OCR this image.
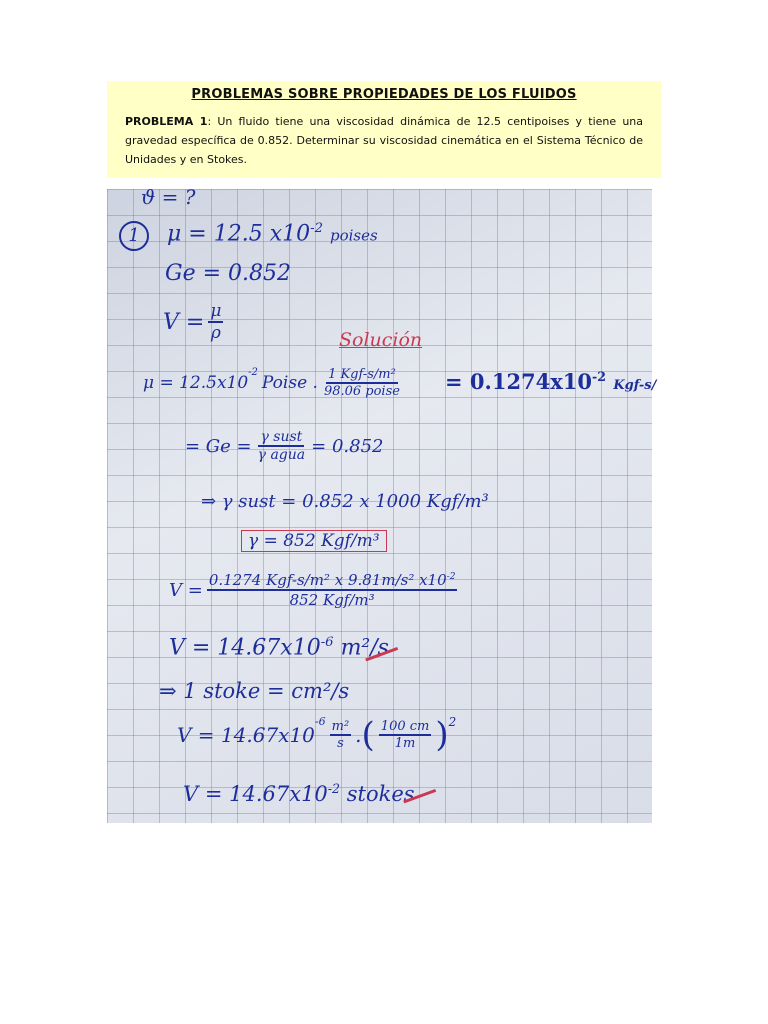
PROBLEMAS SOBRE PROPIEDADES DE LOS FLUIDOS

PROBLEMA 1: Un fluido tiene una viscosidad dinámica de 12.5 centipoises y tiene una gravedad específica de 0.852. Determinar su viscosidad cinemática en el Sistema Técnico de Unidades y en Stokes.

ϑ = ?
1	μ = 12.5 $x10^{-2}$ poises
Ge = 0.852
$V = \frac{\mu}{\rho}$	Solución
μ = 12.5x10
$^{-2}$
Poise . $\frac{\text{1 Kgf-s/m²}}{\text{98.06 poise}} = 0.1274x10^{-2}$ Kgf-s/
= $Ge = \frac{\text{γ sust}}{\text{γ agua}} = 0.852$
⇒ γ sust = 0.852 x 1000 Kgf/m³
γ = 852 Kgf/m³
$V = \frac{0.1274 Kgf-s/m^2 x 9.81m/s^2 x10^{-2}}{\text{852 Kgf/m³}}$
$V = 14.67x10^{-6}$ m²/s
⇒ 1 stoke = cm²/s
V = 14.67x10
$^{-6} \frac{\text{m²}}{s}$ . ( $\frac{100 cm}{1m} )^2$
$V = 14.67x10^{-2}$ stokes
